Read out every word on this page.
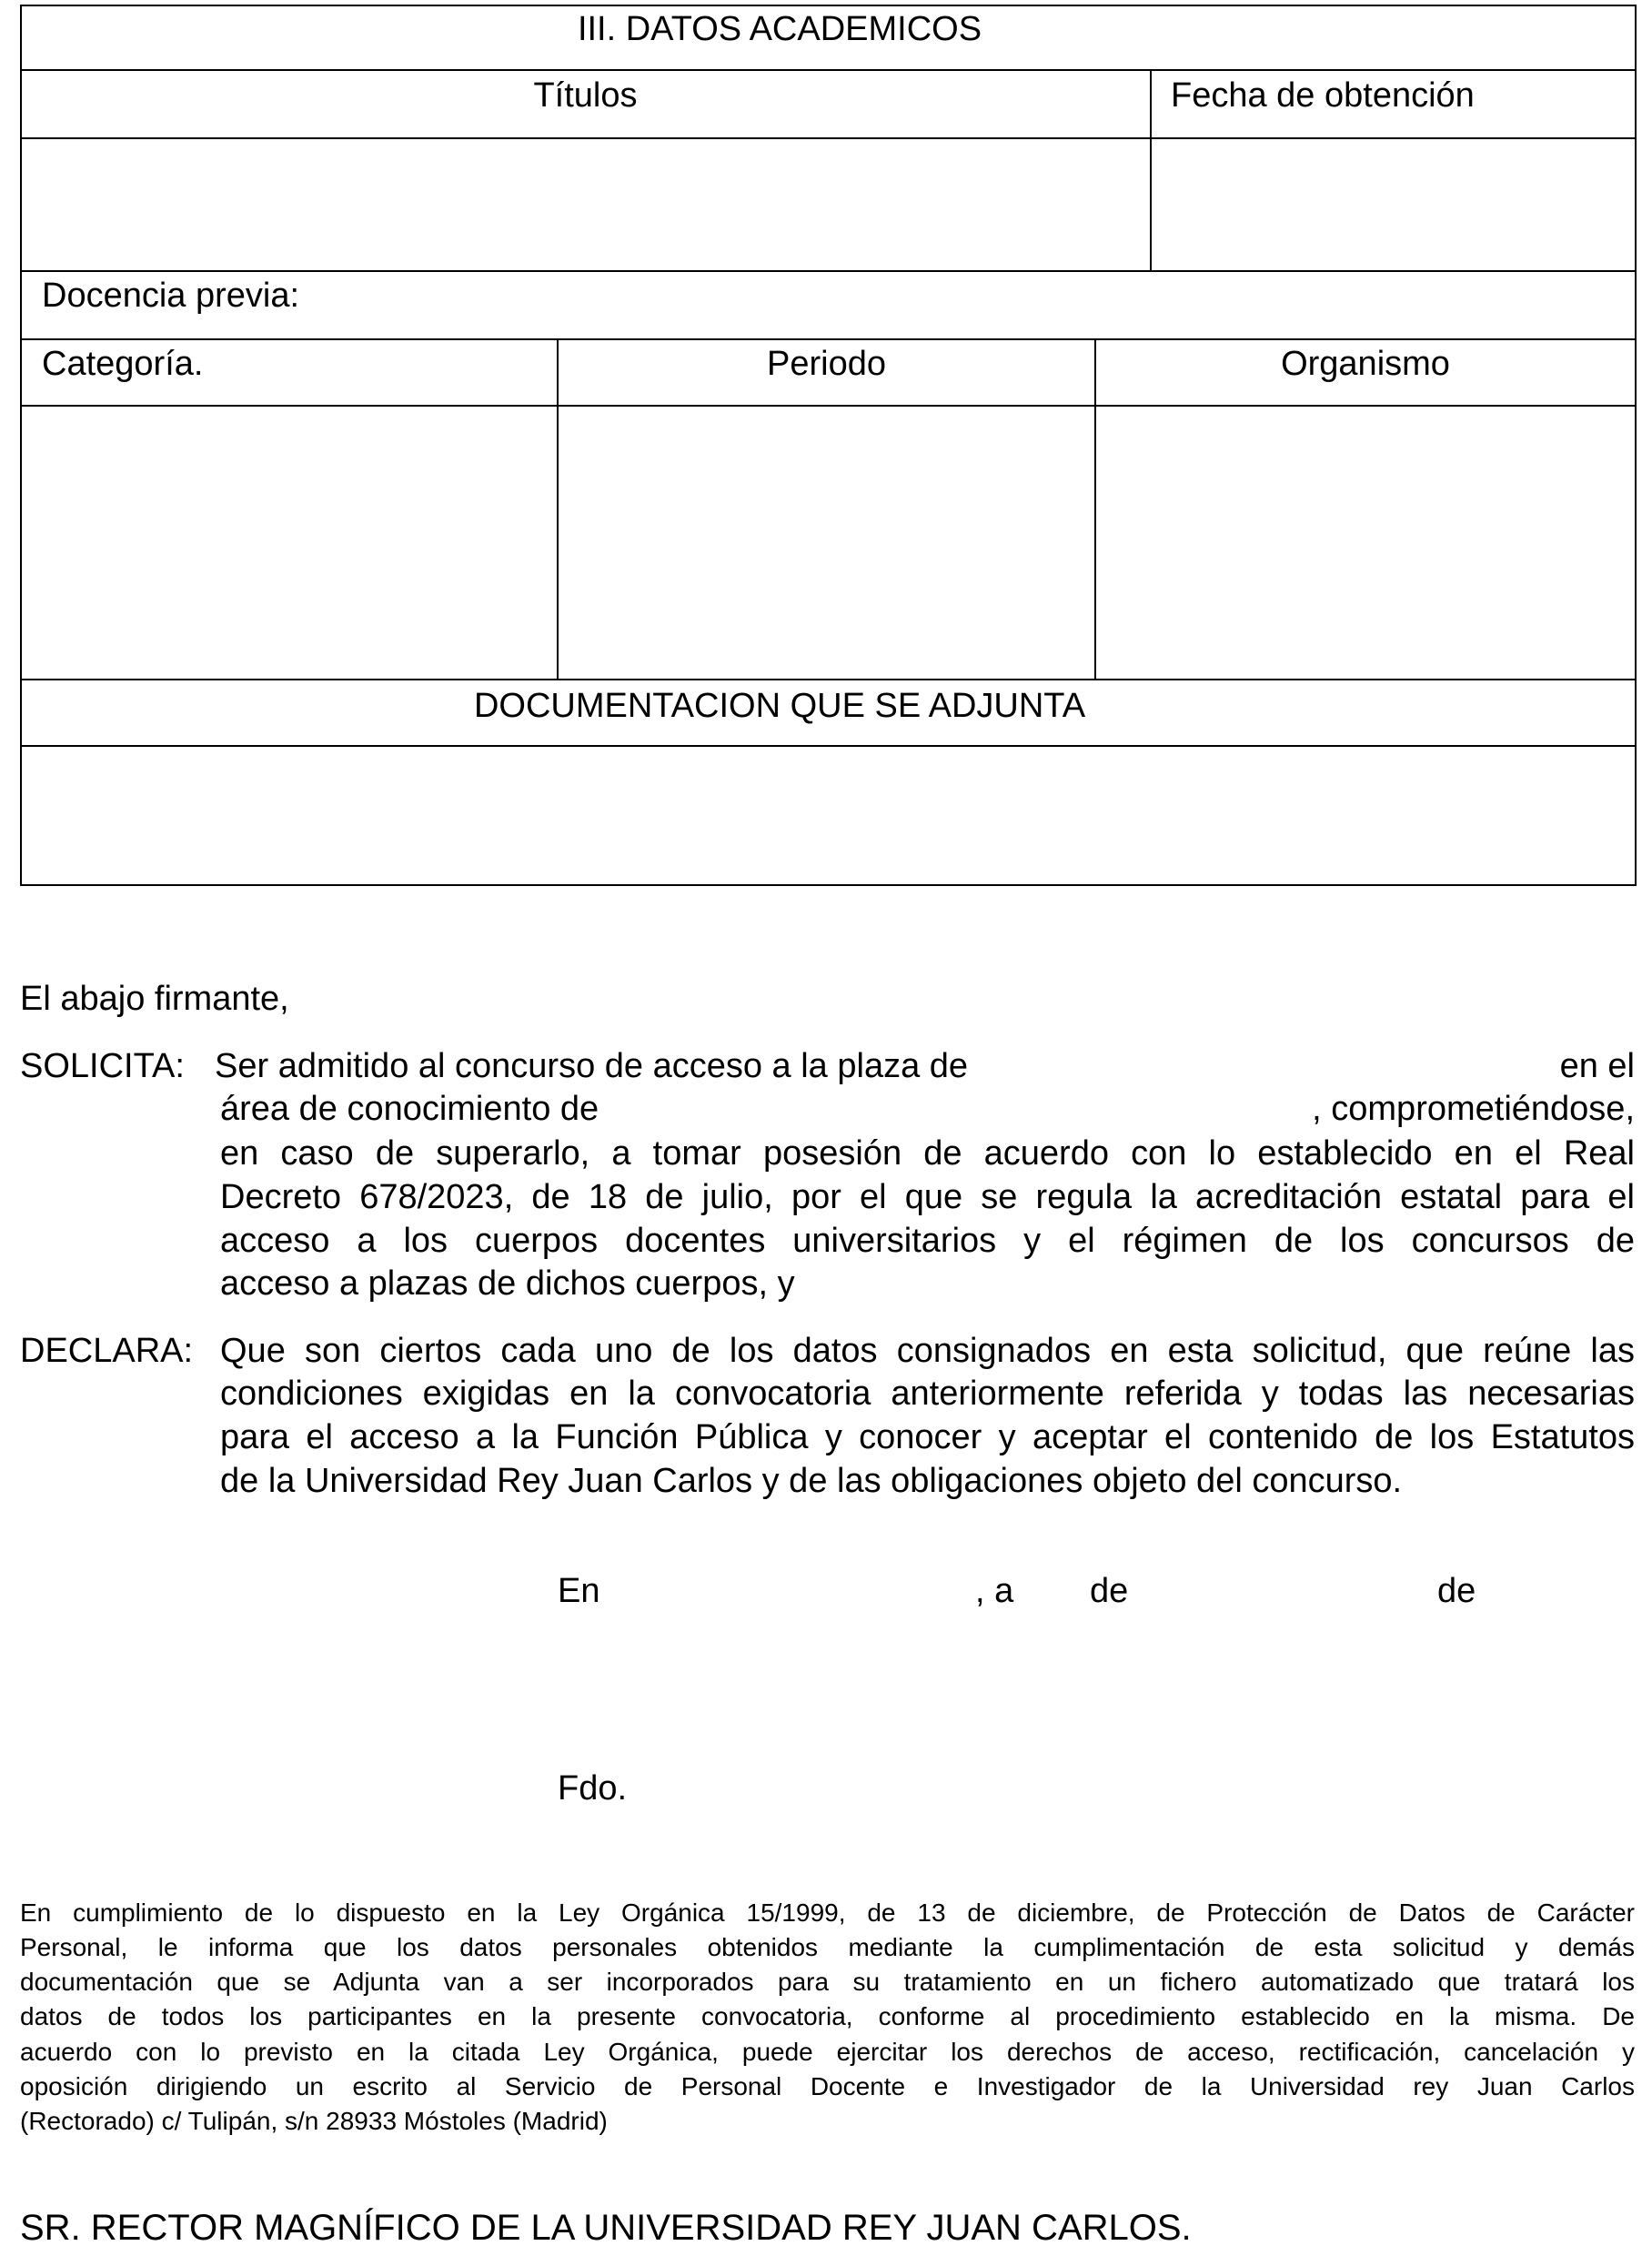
III. DATOS ACADEMICOS
Títulos	Fecha de obtención
Docencia previa:
Categoría.	Periodo	Organismo
DOCUMENTACION QUE SE ADJUNTA
El abajo firmante,
SOLICITA: Ser admitido al concurso de acceso a la plaza de	en el
área de conocimiento de	, comprometiéndose,
en caso de superarlo, a tomar posesión de acuerdo con lo establecido en el Real
Decreto 678/2023, de 18 de julio, por el que se regula la acreditación estatal para el
acceso a los cuerpos docentes universitarios y el régimen de los concursos de
acceso a plazas de dichos cuerpos, y
DECLARA: Que son ciertos cada uno de los datos consignados en esta solicitud, que reúne las
condiciones exigidas en la convocatoria anteriormente referida y todas las necesarias
para el acceso a la Función Pública y conocer y aceptar el contenido de los Estatutos
de la Universidad Rey Juan Carlos y de las obligaciones objeto del concurso.
En	, a de	de
Fdo.
En cumplimiento de lo dispuesto en la Ley Orgánica 15/1999, de 13 de diciembre, de Protección de Datos de Carácter
Personal, le informa que los datos personales obtenidos mediante la cumplimentación de esta solicitud y demás
documentación que se Adjunta van a ser incorporados para su tratamiento en un fichero automatizado que tratará los
datos de todos los participantes en la presente convocatoria, conforme al procedimiento establecido en la misma. De
acuerdo con lo previsto en la citada Ley Orgánica, puede ejercitar los derechos de acceso, rectificación, cancelación y
oposición dirigiendo un escrito al Servicio de Personal Docente e Investigador de la Universidad rey Juan Carlos
(Rectorado) c/ Tulipán, s/n 28933 Móstoles (Madrid)
SR. RECTOR MAGNÍFICO DE LA UNIVERSIDAD REY JUAN CARLOS.
